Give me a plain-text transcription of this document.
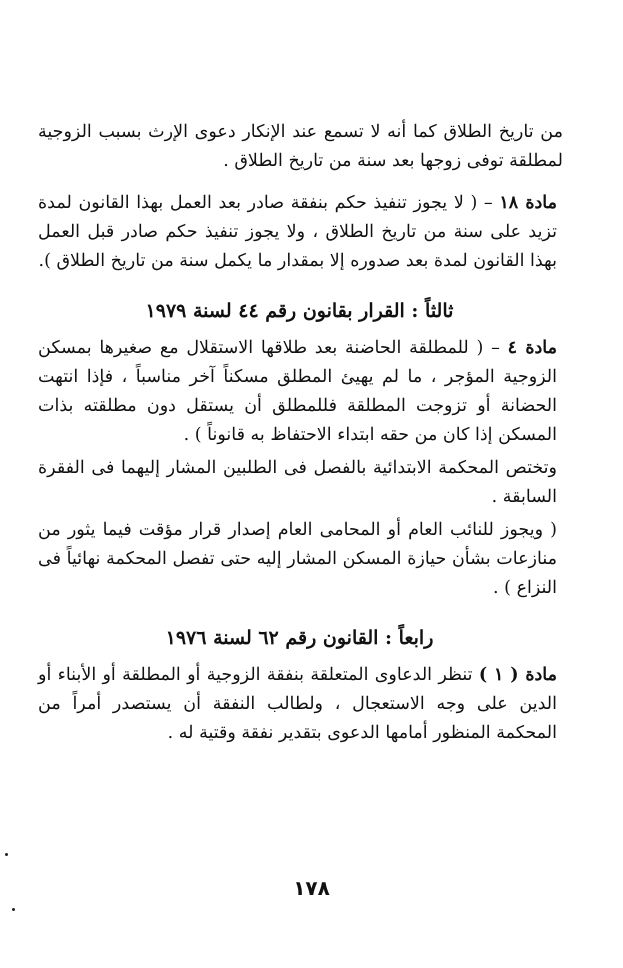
من تاريخ الطلاق كما أنه لا تسمع عند الإنكار دعوى الإرث بسبب الزوجية لمطلقة توفى زوجها بعد سنة من تاريخ الطلاق .

مادة ١٨ – ( لا يجوز تنفيذ حكم بنفقة صادر بعد العمل بهذا القانون لمدة تزيد على سنة من تاريخ الطلاق ، ولا يجوز تنفيذ حكم صادر قبل العمل بهذا القانون لمدة بعد صدوره إلا بمقدار ما يكمل سنة من تاريخ الطلاق ).

ثالثاً : القرار بقانون رقم ٤٤ لسنة ١٩٧٩

مادة ٤ – ( للمطلقة الحاضنة بعد طلاقها الاستقلال مع صغيرها بمسكن الزوجية المؤجر ، ما لم يهيئ المطلق مسكناً آخر مناسباً ، فإذا انتهت الحضانة أو تزوجت المطلقة فللمطلق أن يستقل دون مطلقته بذات المسكن إذا كان من حقه ابتداء الاحتفاظ به قانوناً ) .

وتختص المحكمة الابتدائية بالفصل فى الطلبين المشار إليهما فى الفقرة السابقة .

( ويجوز للنائب العام أو المحامى العام إصدار قرار مؤقت فيما يثور من منازعات بشأن حيازة المسكن المشار إليه حتى تفصل المحكمة نهائياً فى النزاع ) .

رابعاً : القانون رقم ٦٢ لسنة ١٩٧٦

مادة ( ١ ) تنظر الدعاوى المتعلقة بنفقة الزوجية أو المطلقة أو الأبناء أو الدين على وجه الاستعجال ، ولطالب النفقة أن يستصدر أمراً من المحكمة المنظور أمامها الدعوى بتقدير نفقة وقتية له .

١٧٨
